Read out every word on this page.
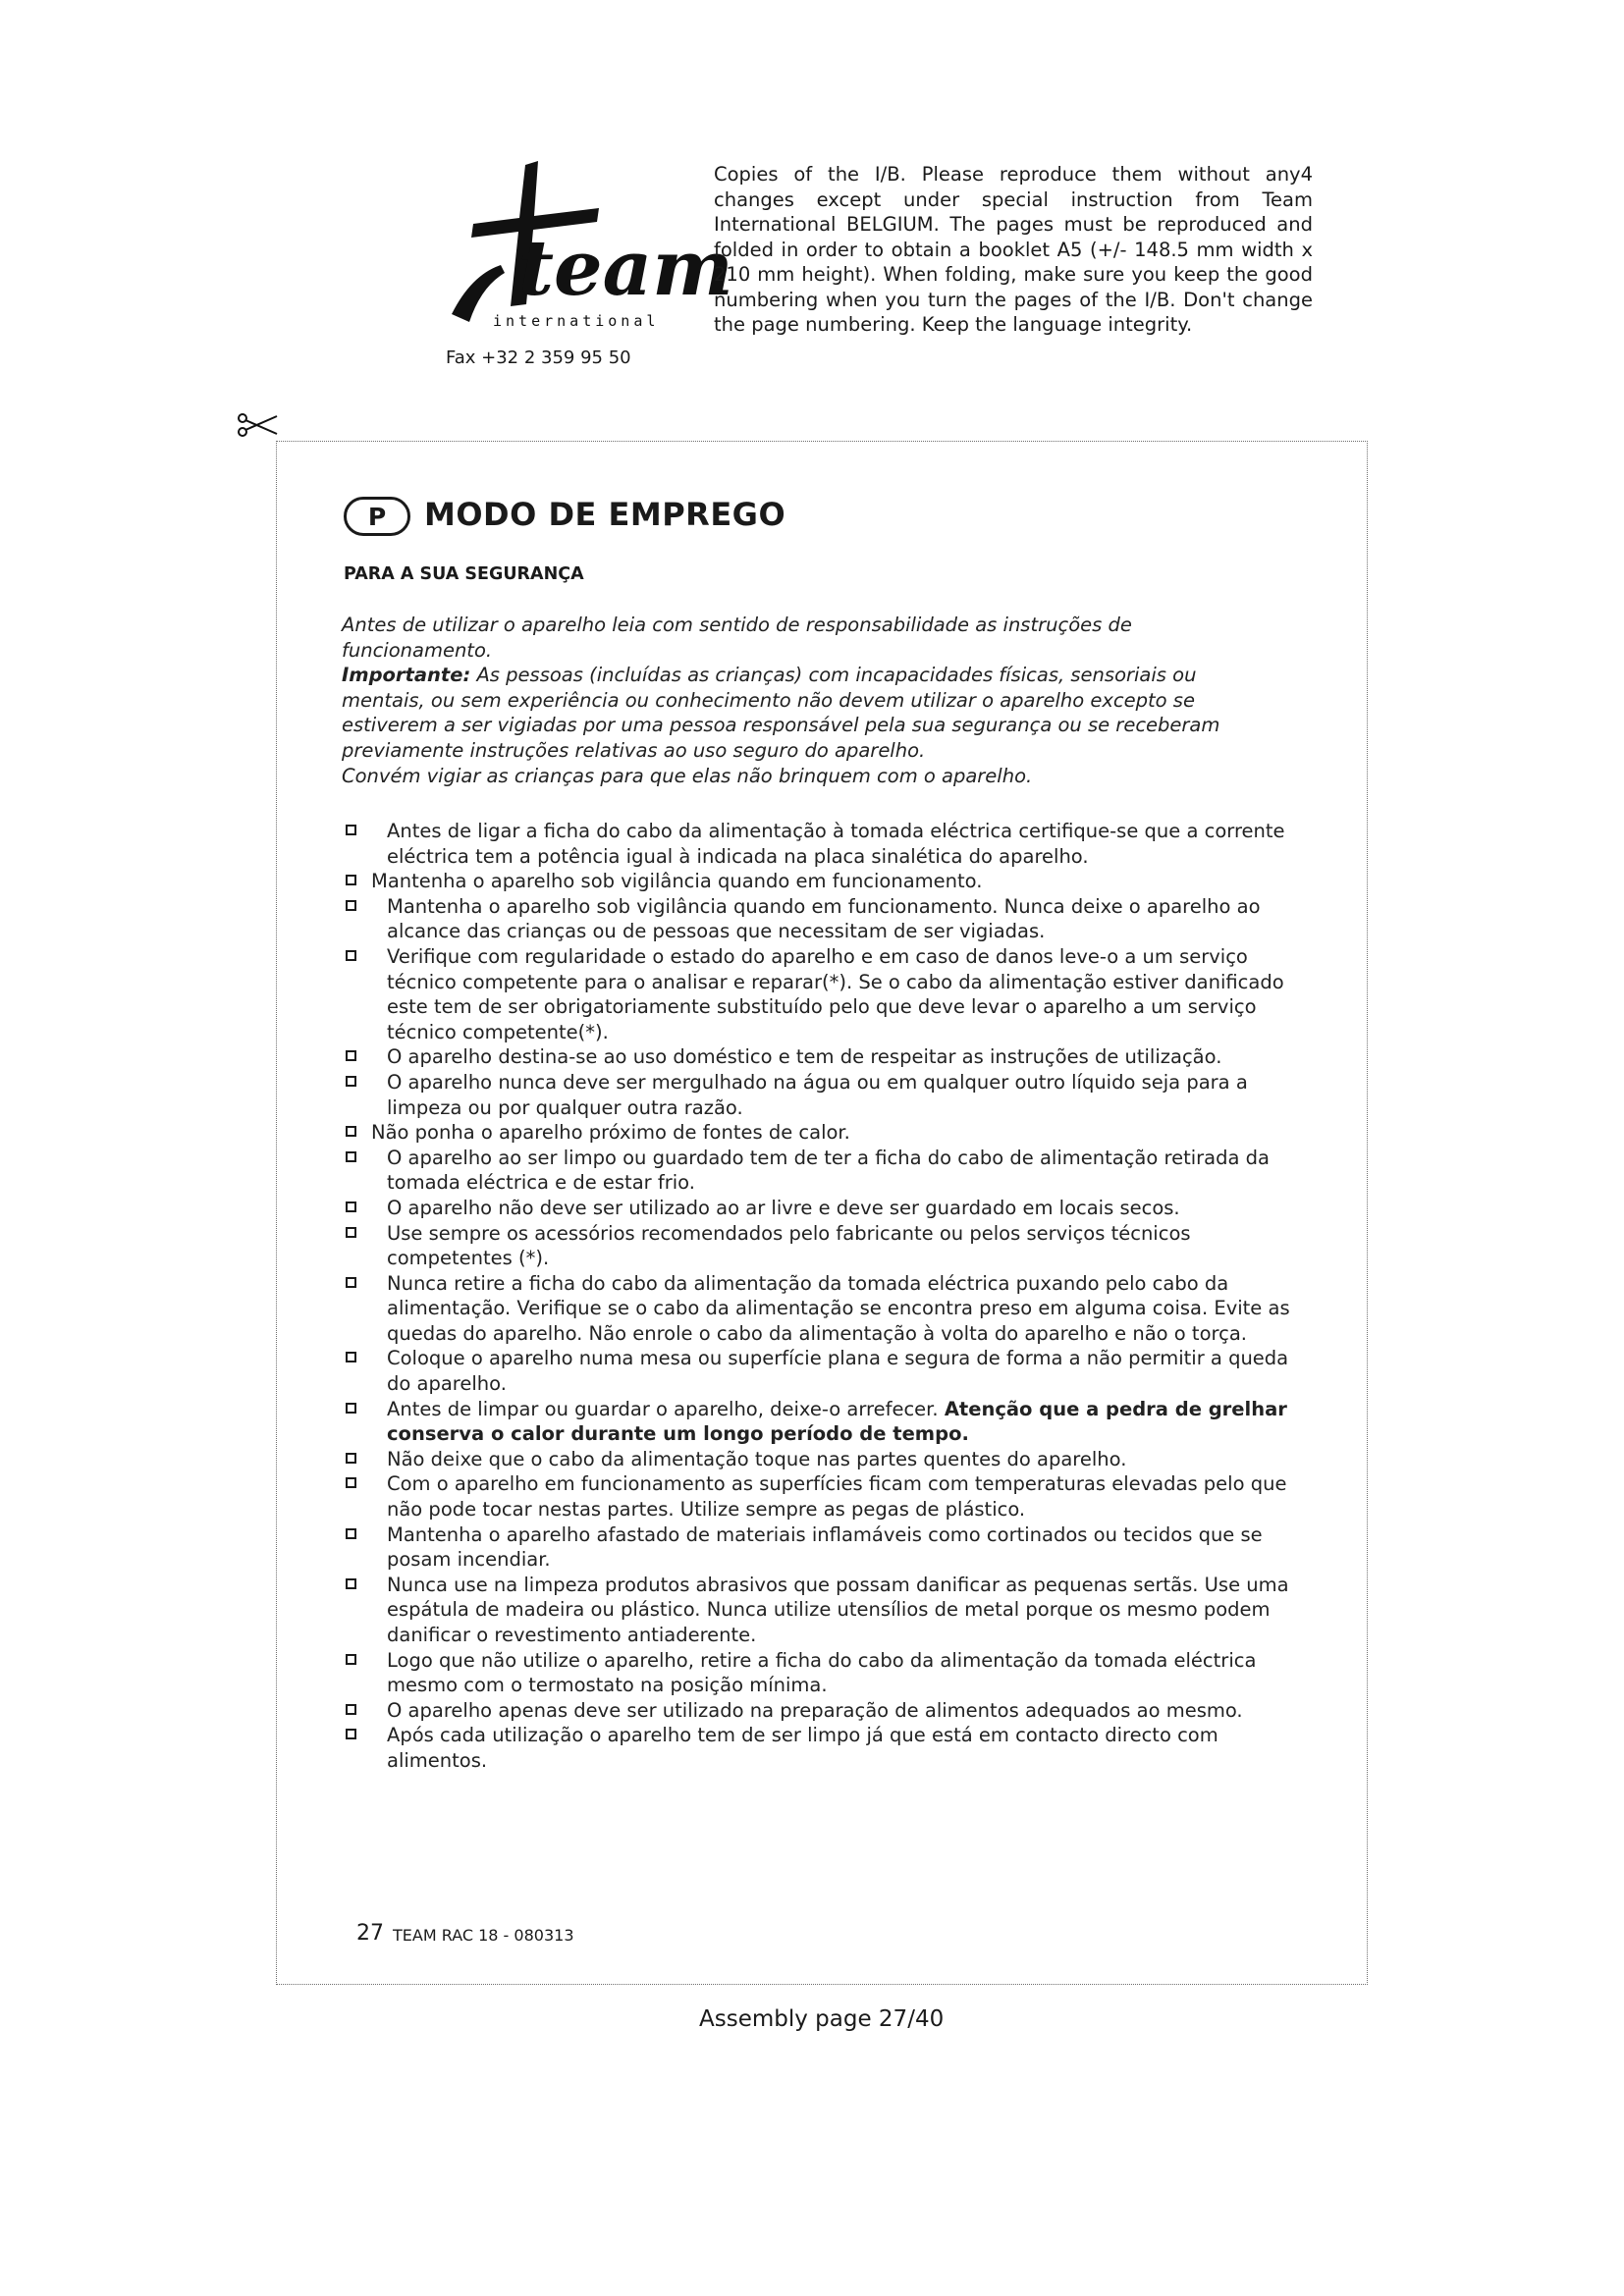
team
international
Fax +32 2 359 95 50
Copies of the I/B. Please reproduce them without any4 changes except under special instruction from Team International BELGIUM. The pages must be reproduced and folded in order to obtain a booklet A5 (+/- 148.5 mm width x 210 mm height). When folding, make sure you keep the good numbering when you turn the pages of the I/B. Don't change the page numbering. Keep the language integrity.
P	MODO DE EMPREGO
PARA A SUA SEGURANÇA

Antes de utilizar o aparelho leia com sentido de responsabilidade as instruções de funcionamento.

Importante: As pessoas (incluídas as crianças) com incapacidades físicas, sensoriais ou mentais, ou sem experiência ou conhecimento não devem utilizar o aparelho excepto se estiverem a ser vigiadas por uma pessoa responsável pela sua segurança ou se receberam previamente instruções relativas ao uso seguro do aparelho.

Convém vigiar as crianças para que elas não brinquem com o aparelho.

Antes de ligar a ficha do cabo da alimentação à tomada eléctrica certifique-se que a corrente eléctrica tem a potência igual à indicada na placa sinalética do aparelho.
Mantenha o aparelho sob vigilância quando em funcionamento.
Mantenha o aparelho sob vigilância quando em funcionamento. Nunca deixe o aparelho ao alcance das crianças ou de pessoas que necessitam de ser vigiadas.
Verifique com regularidade o estado do aparelho e em caso de danos leve-o a um serviço técnico competente para o analisar e reparar(*). Se o cabo da alimentação estiver danificado este tem de ser obrigatoriamente substituído pelo que deve levar o aparelho a um serviço técnico competente(*).
O aparelho destina-se ao uso doméstico e tem de respeitar as instruções de utilização.
O aparelho nunca deve ser mergulhado na água ou em qualquer outro líquido seja para a limpeza ou por qualquer outra razão.
Não ponha o aparelho próximo de fontes de calor.
O aparelho ao ser limpo ou guardado tem de ter a ficha do cabo de alimentação retirada da tomada eléctrica e de estar frio.
O aparelho não deve ser utilizado ao ar livre e deve ser guardado em locais secos.
Use sempre os acessórios recomendados pelo fabricante ou pelos serviços técnicos competentes (*).
Nunca retire a ficha do cabo da alimentação da tomada eléctrica puxando pelo cabo da alimentação. Verifique se o cabo da alimentação se encontra preso em alguma coisa. Evite as quedas do aparelho. Não enrole o cabo da alimentação à volta do aparelho e não o torça.
Coloque o aparelho numa mesa ou superfície plana e segura de forma a não permitir a queda do aparelho.
Antes de limpar ou guardar o aparelho, deixe-o arrefecer. Atenção que a pedra de grelhar conserva o calor durante um longo período de tempo.
Não deixe que o cabo da alimentação toque nas partes quentes do aparelho.
Com o aparelho em funcionamento as superfícies ficam com temperaturas elevadas pelo que não pode tocar nestas partes. Utilize sempre as pegas de plástico.
Mantenha o aparelho afastado de materiais inflamáveis como cortinados ou tecidos que se posam incendiar.
Nunca use na limpeza produtos abrasivos que possam danificar as pequenas sertãs. Use uma espátula de madeira ou plástico. Nunca utilize utensílios de metal porque os mesmo podem danificar o revestimento antiaderente.
Logo que não utilize o aparelho, retire a ficha do cabo da alimentação da tomada eléctrica mesmo com o termostato na posição mínima.
O aparelho apenas deve ser utilizado na preparação de alimentos adequados ao mesmo.
Após cada utilização o aparelho tem de ser limpo já que está em contacto directo com alimentos.
27 TEAM RAC 18 - 080313
Assembly page 27/40
